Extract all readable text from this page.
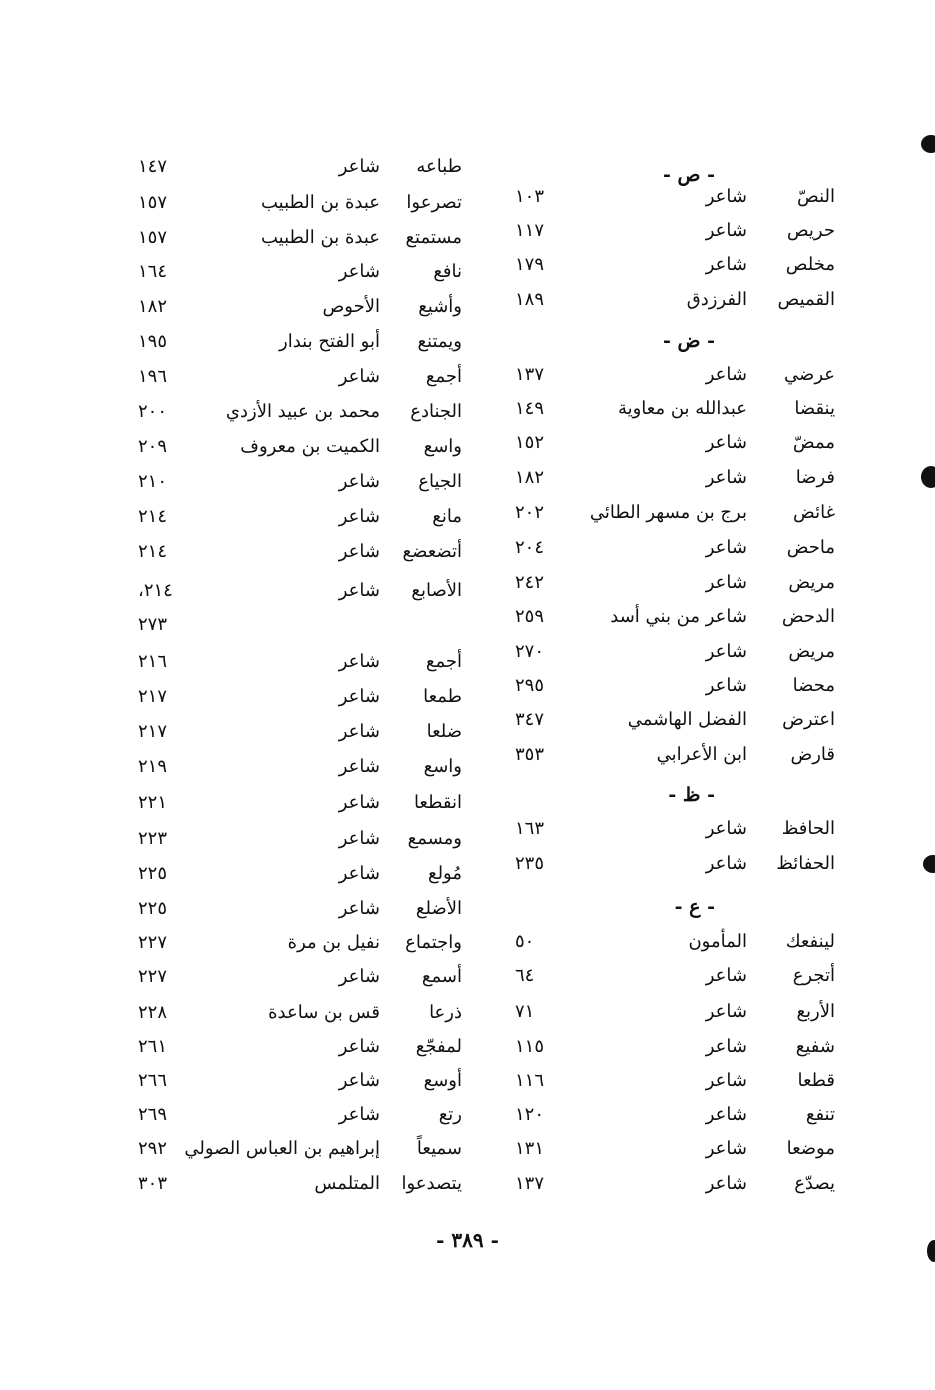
- ص -
النصّ
شاعر
١٠٣
حريص
شاعر
١١٧
مخلص
شاعر
١٧٩
القميص
الفرزدق
١٨٩
- ض -
عرضي
شاعر
١٣٧
ينقضا
عبدالله بن معاوية
١٤٩
ممضّ
شاعر
١٥٢
فرضا
شاعر
١٨٢
غائض
برج بن مسهر الطائي
٢٠٢
ماحض
شاعر
٢٠٤
مريض
شاعر
٢٤٢
الدحض
شاعر من بني أسد
٢٥٩
مريض
شاعر
٢٧٠
محضا
شاعر
٢٩٥
اعترض
الفضل الهاشمي
٣٤٧
قارض
ابن الأعرابي
٣٥٣
- ظ -
الحافظ
شاعر
١٦٣
الحفائظ
شاعر
٢٣٥
- ع -
لينفعك
المأمون
٥٠
أتجرع
شاعر
٦٤
الأربع
شاعر
٧١
شفيع
شاعر
١١٥
قطعا
شاعر
١١٦
تنفع
شاعر
١٢٠
موضعا
شاعر
١٣١
يصدّع
شاعر
١٣٧
طباعه
شاعر
١٤٧
تصرعوا
عبدة بن الطبيب
١٥٧
مستمتع
عبدة بن الطبيب
١٥٧
نافع
شاعر
١٦٤
وأشيع
الأحوص
١٨٢
ويمتنع
أبو الفتح بندار
١٩٥
أجمع
شاعر
١٩٦
الجنادع
محمد بن عبيد الأزدي
٢٠٠
واسع
الكميت بن معروف
٢٠٩
الجياع
شاعر
٢١٠
مانع
شاعر
٢١٤
أتضعضع
شاعر
٢١٤
الأصابع
شاعر
،٢١٤
٢٧٣
أجمع
شاعر
٢١٦
طمعا
شاعر
٢١٧
ضلعا
شاعر
٢١٧
واسع
شاعر
٢١٩
انقطعا
شاعر
٢٢١
ومسمع
شاعر
٢٢٣
مُولع
شاعر
٢٢٥
الأضلع
شاعر
٢٢٥
واجتماع
نفيل بن مرة
٢٢٧
أسمع
شاعر
٢٢٧
ذرعا
قس بن ساعدة
٢٢٨
لمفجّع
شاعر
٢٦١
أوسع
شاعر
٢٦٦
رتع
شاعر
٢٦٩
سميعاً
إبراهيم بن العباس الصولي
٢٩٢
يتصدعوا
المتلمس
٣٠٣
- ٣٨٩ -
